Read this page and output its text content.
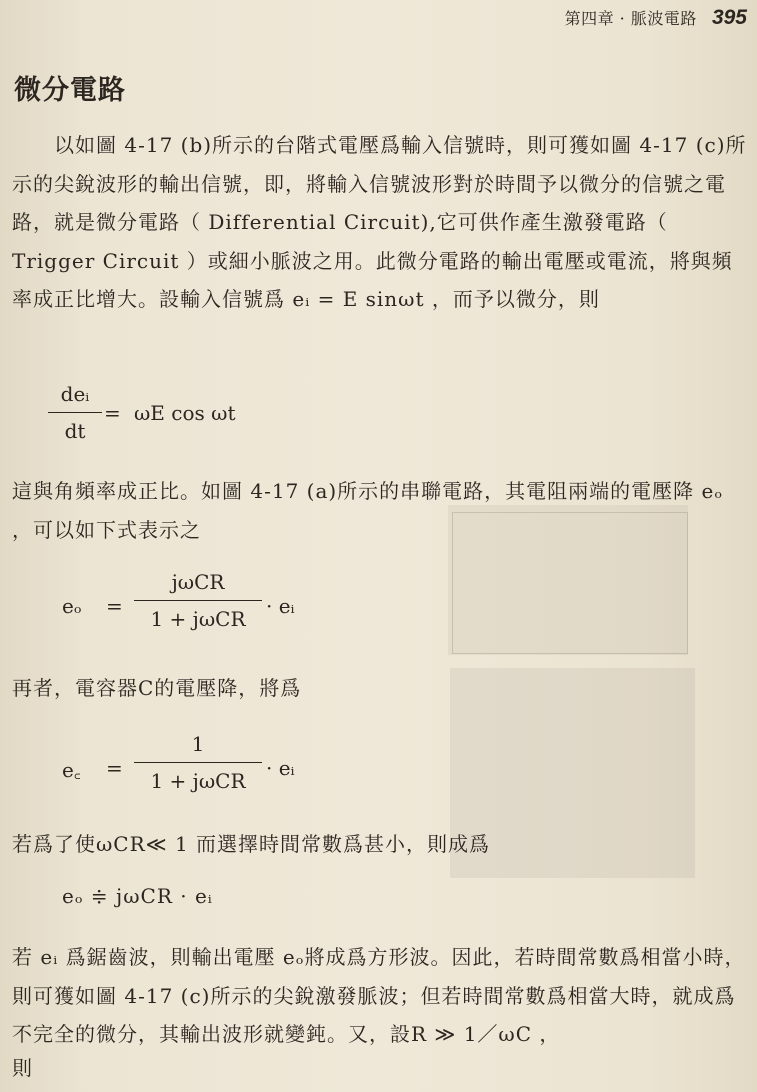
第四章 · 脈波電路 395
微分電路

以如圖 4-17 (b)所示的台階式電壓爲輸入信號時，則可獲如圖 4-17 (c)所示的尖銳波形的輸出信號，即，將輸入信號波形對於時間予以微分的信號之電路，就是微分電路（ Differential Circuit),它可供作產生激發電路（ Trigger Circuit ）或細小脈波之用。此微分電路的輸出電壓或電流，將與頻率成正比增大。設輸入信號爲 eᵢ = E sinωt ，而予以微分，則

deᵢ
dt
= ωE cos ωt

這與角頻率成正比。如圖 4-17 (a)所示的串聯電路，其電阻兩端的電壓降 eₒ ，可以如下式表示之

eₒ =
jωCR
1 + jωCR
· eᵢ
再者，電容器C的電壓降，將爲
e꜀ =
1
1 + jωCR
· eᵢ
若爲了使ωCR≪ 1 而選擇時間常數爲甚小，則成爲
eₒ ≑ jωCR · eᵢ

若 eᵢ 爲鋸齒波，則輸出電壓 eₒ將成爲方形波。因此，若時間常數爲相當小時，則可獲如圖 4-17 (c)所示的尖銳激發脈波；但若時間常數爲相當大時，就成爲不完全的微分，其輸出波形就變鈍。又，設R ≫ 1／ωC ，

則
